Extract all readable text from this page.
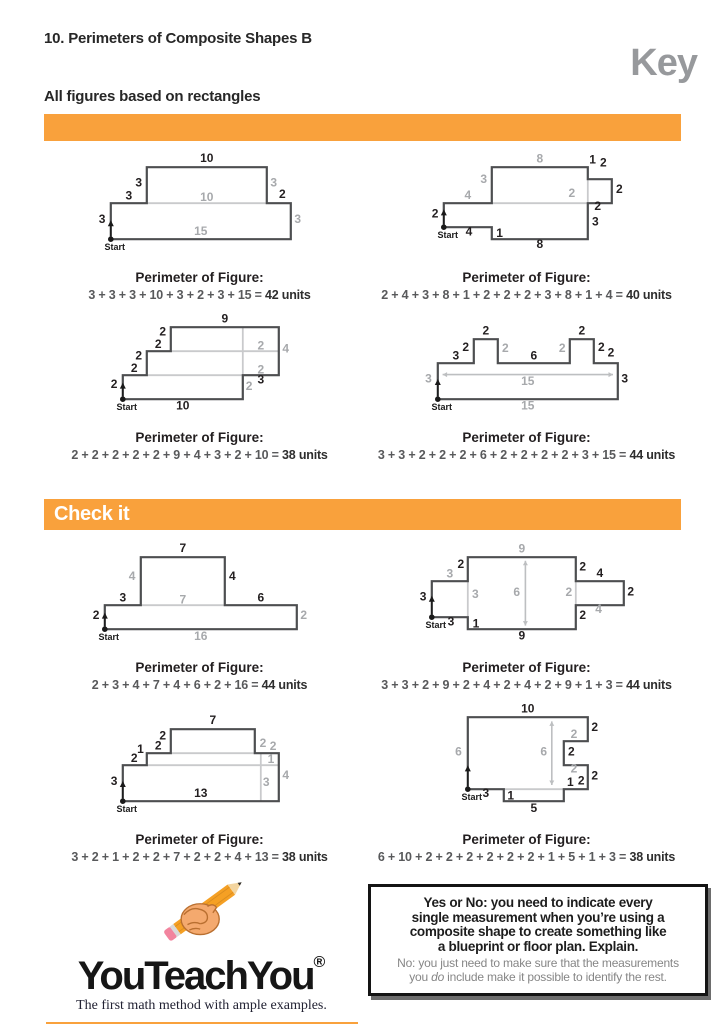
10. Perimeters of Composite Shapes B
Key
All figures based on rectangles
10
3
3
3
10
3
2
3
15
Start
Perimeter of Figure:
3 + 3 + 3 + 10 + 3 + 2 + 3 + 15 = 42 units
8	1 2
3
4	2	2
2
3
8
1
4
2
Start
Perimeter of Figure:
2 + 4 + 3 + 8 + 1 + 2 + 2 + 2 + 3 + 8 + 1 + 4 = 40 units
9
2
2
2
2
2
4
2
2
3
2
10
Start
Perimeter of Figure:
2 + 2 + 2 + 2 + 2 + 9 + 4 + 3 + 2 + 10 = 38 units
2	2
3
2	2
6
2	2 2
3	3
15
15
Start
Perimeter of Figure:
3 + 3 + 2 + 2 + 2 + 6 + 2 + 2 + 2 + 2 + 3 + 15 = 44 units
Check it
7
4	4
3	7	6
2	2
16
Start
Perimeter of Figure:
2 + 3 + 4 + 7 + 4 + 6 + 2 + 16 = 44 units
9
3
2	2 4
2
4
2
3	6	2
9
1
3
3
Start
Perimeter of Figure:
3 + 3 + 2 + 9 + 2 + 4 + 2 + 4 + 2 + 9 + 1 + 3 = 44 units
7
2
1 2
2
2 2
4
1
3
13
3
Start
Perimeter of Figure:
3 + 2 + 1 + 2 + 2 + 7 + 2 + 2 + 4 + 13 = 38 units
10
6
2
2
2
2
2
1 2
5
1
3
6
Start
Perimeter of Figure:
6 + 10 + 2 + 2 + 2 + 2 + 2 + 2 + 1 + 5 + 1 + 3 = 38 units
YouTeachYou®
The first math method with ample examples.
Yes or No: you need to indicate every
single measurement when you’re using a
composite shape to create something like
a blueprint or floor plan. Explain.
No: you just need to make sure that the measurements
you do include make it possible to identify the rest.
